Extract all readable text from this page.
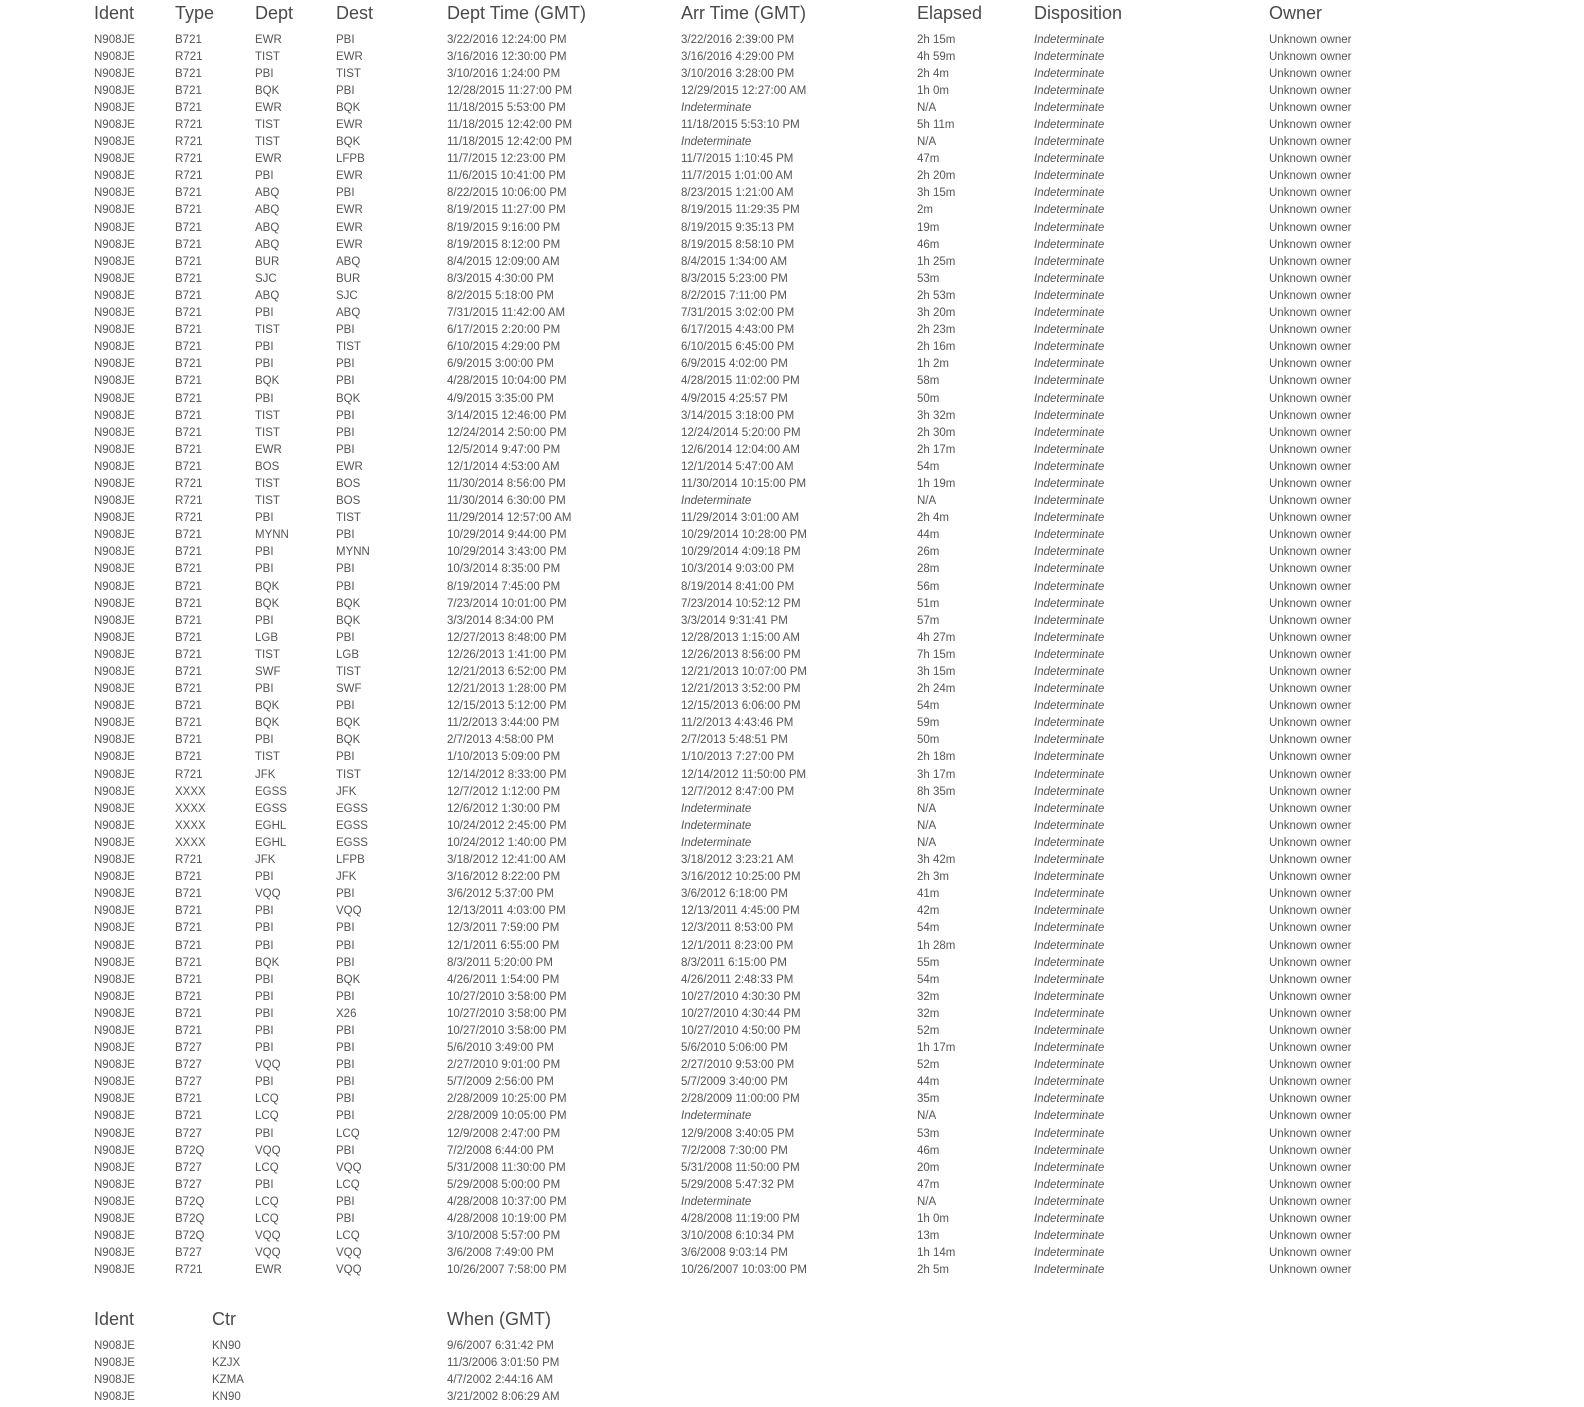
Ident	Type	Dept	Dest	Dept Time (GMT)	Arr Time (GMT)	Elapsed	Disposition	Owner
N908JE	B721	EWR	PBI	3/22/2016 12:24:00 PM	3/22/2016 2:39:00 PM	2h 15m	Indeterminate	Unknown owner
N908JE	R721	TIST	EWR	3/16/2016 12:30:00 PM	3/16/2016 4:29:00 PM	4h 59m	Indeterminate	Unknown owner
N908JE	B721	PBI	TIST	3/10/2016 1:24:00 PM	3/10/2016 3:28:00 PM	2h 4m	Indeterminate	Unknown owner
N908JE	B721	BQK	PBI	12/28/2015 11:27:00 PM	12/29/2015 12:27:00 AM	1h 0m	Indeterminate	Unknown owner
N908JE	B721	EWR	BQK	11/18/2015 5:53:00 PM	Indeterminate	N/A	Indeterminate	Unknown owner
N908JE	R721	TIST	EWR	11/18/2015 12:42:00 PM	11/18/2015 5:53:10 PM	5h 11m	Indeterminate	Unknown owner
N908JE	R721	TIST	BQK	11/18/2015 12:42:00 PM	Indeterminate	N/A	Indeterminate	Unknown owner
N908JE	R721	EWR	LFPB	11/7/2015 12:23:00 PM	11/7/2015 1:10:45 PM	47m	Indeterminate	Unknown owner
N908JE	R721	PBI	EWR	11/6/2015 10:41:00 PM	11/7/2015 1:01:00 AM	2h 20m	Indeterminate	Unknown owner
N908JE	B721	ABQ	PBI	8/22/2015 10:06:00 PM	8/23/2015 1:21:00 AM	3h 15m	Indeterminate	Unknown owner
N908JE	B721	ABQ	EWR	8/19/2015 11:27:00 PM	8/19/2015 11:29:35 PM	2m	Indeterminate	Unknown owner
N908JE	B721	ABQ	EWR	8/19/2015 9:16:00 PM	8/19/2015 9:35:13 PM	19m	Indeterminate	Unknown owner
N908JE	B721	ABQ	EWR	8/19/2015 8:12:00 PM	8/19/2015 8:58:10 PM	46m	Indeterminate	Unknown owner
N908JE	B721	BUR	ABQ	8/4/2015 12:09:00 AM	8/4/2015 1:34:00 AM	1h 25m	Indeterminate	Unknown owner
N908JE	B721	SJC	BUR	8/3/2015 4:30:00 PM	8/3/2015 5:23:00 PM	53m	Indeterminate	Unknown owner
N908JE	B721	ABQ	SJC	8/2/2015 5:18:00 PM	8/2/2015 7:11:00 PM	2h 53m	Indeterminate	Unknown owner
N908JE	B721	PBI	ABQ	7/31/2015 11:42:00 AM	7/31/2015 3:02:00 PM	3h 20m	Indeterminate	Unknown owner
N908JE	B721	TIST	PBI	6/17/2015 2:20:00 PM	6/17/2015 4:43:00 PM	2h 23m	Indeterminate	Unknown owner
N908JE	B721	PBI	TIST	6/10/2015 4:29:00 PM	6/10/2015 6:45:00 PM	2h 16m	Indeterminate	Unknown owner
N908JE	B721	PBI	PBI	6/9/2015 3:00:00 PM	6/9/2015 4:02:00 PM	1h 2m	Indeterminate	Unknown owner
N908JE	B721	BQK	PBI	4/28/2015 10:04:00 PM	4/28/2015 11:02:00 PM	58m	Indeterminate	Unknown owner
N908JE	B721	PBI	BQK	4/9/2015 3:35:00 PM	4/9/2015 4:25:57 PM	50m	Indeterminate	Unknown owner
N908JE	B721	TIST	PBI	3/14/2015 12:46:00 PM	3/14/2015 3:18:00 PM	3h 32m	Indeterminate	Unknown owner
N908JE	B721	TIST	PBI	12/24/2014 2:50:00 PM	12/24/2014 5:20:00 PM	2h 30m	Indeterminate	Unknown owner
N908JE	B721	EWR	PBI	12/5/2014 9:47:00 PM	12/6/2014 12:04:00 AM	2h 17m	Indeterminate	Unknown owner
N908JE	B721	BOS	EWR	12/1/2014 4:53:00 AM	12/1/2014 5:47:00 AM	54m	Indeterminate	Unknown owner
N908JE	R721	TIST	BOS	11/30/2014 8:56:00 PM	11/30/2014 10:15:00 PM	1h 19m	Indeterminate	Unknown owner
N908JE	R721	TIST	BOS	11/30/2014 6:30:00 PM	Indeterminate	N/A	Indeterminate	Unknown owner
N908JE	R721	PBI	TIST	11/29/2014 12:57:00 AM	11/29/2014 3:01:00 AM	2h 4m	Indeterminate	Unknown owner
N908JE	B721	MYNN	PBI	10/29/2014 9:44:00 PM	10/29/2014 10:28:00 PM	44m	Indeterminate	Unknown owner
N908JE	B721	PBI	MYNN	10/29/2014 3:43:00 PM	10/29/2014 4:09:18 PM	26m	Indeterminate	Unknown owner
N908JE	B721	PBI	PBI	10/3/2014 8:35:00 PM	10/3/2014 9:03:00 PM	28m	Indeterminate	Unknown owner
N908JE	B721	BQK	PBI	8/19/2014 7:45:00 PM	8/19/2014 8:41:00 PM	56m	Indeterminate	Unknown owner
N908JE	B721	BQK	BQK	7/23/2014 10:01:00 PM	7/23/2014 10:52:12 PM	51m	Indeterminate	Unknown owner
N908JE	B721	PBI	BQK	3/3/2014 8:34:00 PM	3/3/2014 9:31:41 PM	57m	Indeterminate	Unknown owner
N908JE	B721	LGB	PBI	12/27/2013 8:48:00 PM	12/28/2013 1:15:00 AM	4h 27m	Indeterminate	Unknown owner
N908JE	B721	TIST	LGB	12/26/2013 1:41:00 PM	12/26/2013 8:56:00 PM	7h 15m	Indeterminate	Unknown owner
N908JE	B721	SWF	TIST	12/21/2013 6:52:00 PM	12/21/2013 10:07:00 PM	3h 15m	Indeterminate	Unknown owner
N908JE	B721	PBI	SWF	12/21/2013 1:28:00 PM	12/21/2013 3:52:00 PM	2h 24m	Indeterminate	Unknown owner
N908JE	B721	BQK	PBI	12/15/2013 5:12:00 PM	12/15/2013 6:06:00 PM	54m	Indeterminate	Unknown owner
N908JE	B721	BQK	BQK	11/2/2013 3:44:00 PM	11/2/2013 4:43:46 PM	59m	Indeterminate	Unknown owner
N908JE	B721	PBI	BQK	2/7/2013 4:58:00 PM	2/7/2013 5:48:51 PM	50m	Indeterminate	Unknown owner
N908JE	B721	TIST	PBI	1/10/2013 5:09:00 PM	1/10/2013 7:27:00 PM	2h 18m	Indeterminate	Unknown owner
N908JE	R721	JFK	TIST	12/14/2012 8:33:00 PM	12/14/2012 11:50:00 PM	3h 17m	Indeterminate	Unknown owner
N908JE	XXXX	EGSS	JFK	12/7/2012 1:12:00 PM	12/7/2012 8:47:00 PM	8h 35m	Indeterminate	Unknown owner
N908JE	XXXX	EGSS	EGSS	12/6/2012 1:30:00 PM	Indeterminate	N/A	Indeterminate	Unknown owner
N908JE	XXXX	EGHL	EGSS	10/24/2012 2:45:00 PM	Indeterminate	N/A	Indeterminate	Unknown owner
N908JE	XXXX	EGHL	EGSS	10/24/2012 1:40:00 PM	Indeterminate	N/A	Indeterminate	Unknown owner
N908JE	R721	JFK	LFPB	3/18/2012 12:41:00 AM	3/18/2012 3:23:21 AM	3h 42m	Indeterminate	Unknown owner
N908JE	B721	PBI	JFK	3/16/2012 8:22:00 PM	3/16/2012 10:25:00 PM	2h 3m	Indeterminate	Unknown owner
N908JE	B721	VQQ	PBI	3/6/2012 5:37:00 PM	3/6/2012 6:18:00 PM	41m	Indeterminate	Unknown owner
N908JE	B721	PBI	VQQ	12/13/2011 4:03:00 PM	12/13/2011 4:45:00 PM	42m	Indeterminate	Unknown owner
N908JE	B721	PBI	PBI	12/3/2011 7:59:00 PM	12/3/2011 8:53:00 PM	54m	Indeterminate	Unknown owner
N908JE	B721	PBI	PBI	12/1/2011 6:55:00 PM	12/1/2011 8:23:00 PM	1h 28m	Indeterminate	Unknown owner
N908JE	B721	BQK	PBI	8/3/2011 5:20:00 PM	8/3/2011 6:15:00 PM	55m	Indeterminate	Unknown owner
N908JE	B721	PBI	BQK	4/26/2011 1:54:00 PM	4/26/2011 2:48:33 PM	54m	Indeterminate	Unknown owner
N908JE	B721	PBI	PBI	10/27/2010 3:58:00 PM	10/27/2010 4:30:30 PM	32m	Indeterminate	Unknown owner
N908JE	B721	PBI	X26	10/27/2010 3:58:00 PM	10/27/2010 4:30:44 PM	32m	Indeterminate	Unknown owner
N908JE	B721	PBI	PBI	10/27/2010 3:58:00 PM	10/27/2010 4:50:00 PM	52m	Indeterminate	Unknown owner
N908JE	B727	PBI	PBI	5/6/2010 3:49:00 PM	5/6/2010 5:06:00 PM	1h 17m	Indeterminate	Unknown owner
N908JE	B727	VQQ	PBI	2/27/2010 9:01:00 PM	2/27/2010 9:53:00 PM	52m	Indeterminate	Unknown owner
N908JE	B727	PBI	PBI	5/7/2009 2:56:00 PM	5/7/2009 3:40:00 PM	44m	Indeterminate	Unknown owner
N908JE	B721	LCQ	PBI	2/28/2009 10:25:00 PM	2/28/2009 11:00:00 PM	35m	Indeterminate	Unknown owner
N908JE	B721	LCQ	PBI	2/28/2009 10:05:00 PM	Indeterminate	N/A	Indeterminate	Unknown owner
N908JE	B727	PBI	LCQ	12/9/2008 2:47:00 PM	12/9/2008 3:40:05 PM	53m	Indeterminate	Unknown owner
N908JE	B72Q	VQQ	PBI	7/2/2008 6:44:00 PM	7/2/2008 7:30:00 PM	46m	Indeterminate	Unknown owner
N908JE	B727	LCQ	VQQ	5/31/2008 11:30:00 PM	5/31/2008 11:50:00 PM	20m	Indeterminate	Unknown owner
N908JE	B727	PBI	LCQ	5/29/2008 5:00:00 PM	5/29/2008 5:47:32 PM	47m	Indeterminate	Unknown owner
N908JE	B72Q	LCQ	PBI	4/28/2008 10:37:00 PM	Indeterminate	N/A	Indeterminate	Unknown owner
N908JE	B72Q	LCQ	PBI	4/28/2008 10:19:00 PM	4/28/2008 11:19:00 PM	1h 0m	Indeterminate	Unknown owner
N908JE	B72Q	VQQ	LCQ	3/10/2008 5:57:00 PM	3/10/2008 6:10:34 PM	13m	Indeterminate	Unknown owner
N908JE	B727	VQQ	VQQ	3/6/2008 7:49:00 PM	3/6/2008 9:03:14 PM	1h 14m	Indeterminate	Unknown owner
N908JE	R721	EWR	VQQ	10/26/2007 7:58:00 PM	10/26/2007 10:03:00 PM	2h 5m	Indeterminate	Unknown owner
Ident	Ctr	When (GMT)
N908JE	KN90	9/6/2007 6:31:42 PM
N908JE	KZJX	11/3/2006 3:01:50 PM
N908JE	KZMA	4/7/2002 2:44:16 AM
N908JE	KN90	3/21/2002 8:06:29 AM
